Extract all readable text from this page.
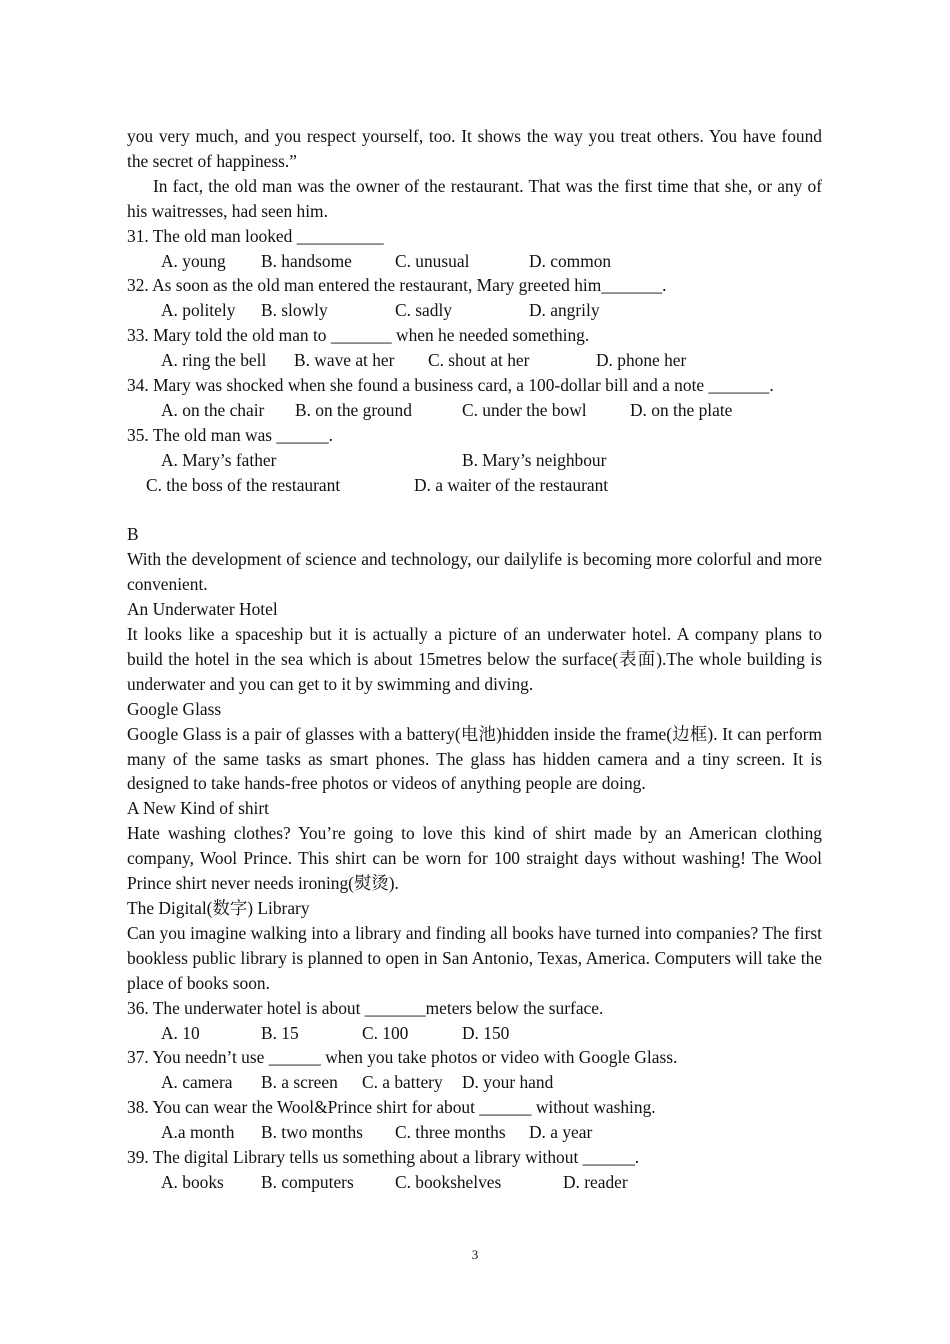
you very much, and you respect yourself, too. It shows the way you treat others. You have found the secret of happiness.”
In fact, the old man was the owner of the restaurant. That was the first time that she, or any of his waitresses, had seen him.
31. The old man looked __________
A. young B. handsome C. unusual	D. common
32. As soon as the old man entered the restaurant, Mary greeted him_______.
A. politely B. slowly	C. sadly	D. angrily
33. Mary told the old man to _______ when he needed something.
A. ring the bell B. wave at her C. shout at her	D. phone her
34. Mary was shocked when she found a business card, a 100-dollar bill and a note _______.
A. on the chair B. on the ground	C. under the bowl D. on the plate
35. The old man was ______.
A. Mary’s father	B. Mary’s neighbour
C. the boss of the restaurant	D. a waiter of the restaurant
B
With the development of science and technology, our dailylife is becoming more colorful and more convenient.
An Underwater Hotel
It looks like a spaceship but it is actually a picture of an underwater hotel. A company plans to build the hotel in the sea which is about 15metres below the surface(表面).The whole building is underwater and you can get to it by swimming and diving.
Google Glass
Google Glass is a pair of glasses with a battery(电池)hidden inside the frame(边框). It can perform many of the same tasks as smart phones. The glass has hidden camera and a tiny screen. It is designed to take hands-free photos or videos of anything people are doing.
A New Kind of shirt
Hate washing clothes? You’re going to love this kind of shirt made by an American clothing company, Wool Prince. This shirt can be worn for 100 straight days without washing! The Wool Prince shirt never needs ironing(熨烫).
The Digital(数字) Library
Can you imagine walking into a library and finding all books have turned into companies? The first bookless public library is planned to open in San Antonio, Texas, America. Computers will take the place of books soon.
36. The underwater hotel is about _______meters below the surface.
A. 10	B. 15	C. 100	D. 150
37. You needn’t use ______ when you take photos or video with Google Glass.
A. camera B. a screen C. a battery D. your hand
38. You can wear the Wool&Prince shirt for about ______ without washing.
A.a month B. two months C. three months D. a year
39. The digital Library tells us something about a library without ______.
A. books B. computers C. bookshelves	D. reader
3
